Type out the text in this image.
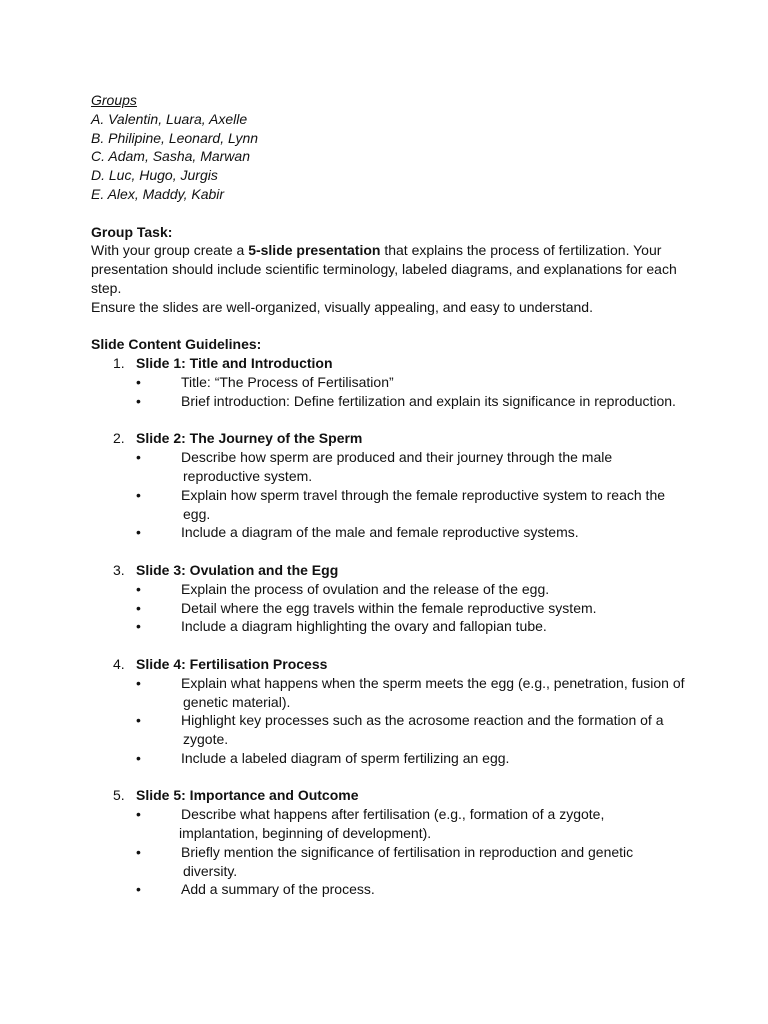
Groups
A. Valentin, Luara, Axelle
B. Philipine, Leonard, Lynn
C. Adam, Sasha, Marwan
D. Luc, Hugo, Jurgis
E. Alex, Maddy, Kabir
Group Task:
With your group create a 5-slide presentation that explains the process of fertilization. Your
presentation should include scientific terminology, labeled diagrams, and explanations for each
step.
Ensure the slides are well-organized, visually appealing, and easy to understand.
Slide Content Guidelines:
1. Slide 1: Title and Introduction
•	Title: “The Process of Fertilisation”
•	Brief introduction: Define fertilization and explain its significance in reproduction.
2. Slide 2: The Journey of the Sperm
•	Describe how sperm are produced and their journey through the male
reproductive system.
•	Explain how sperm travel through the female reproductive system to reach the
egg.
•	Include a diagram of the male and female reproductive systems.
3. Slide 3: Ovulation and the Egg
•	Explain the process of ovulation and the release of the egg.
•	Detail where the egg travels within the female reproductive system.
•	Include a diagram highlighting the ovary and fallopian tube.
4. Slide 4: Fertilisation Process
•	Explain what happens when the sperm meets the egg (e.g., penetration, fusion of
genetic material).
•	Highlight key processes such as the acrosome reaction and the formation of a
zygote.
•	Include a labeled diagram of sperm fertilizing an egg.
5. Slide 5: Importance and Outcome
•	Describe what happens after fertilisation (e.g., formation of a zygote,
implantation, beginning of development).
•	Briefly mention the significance of fertilisation in reproduction and genetic
diversity.
•	Add a summary of the process.
